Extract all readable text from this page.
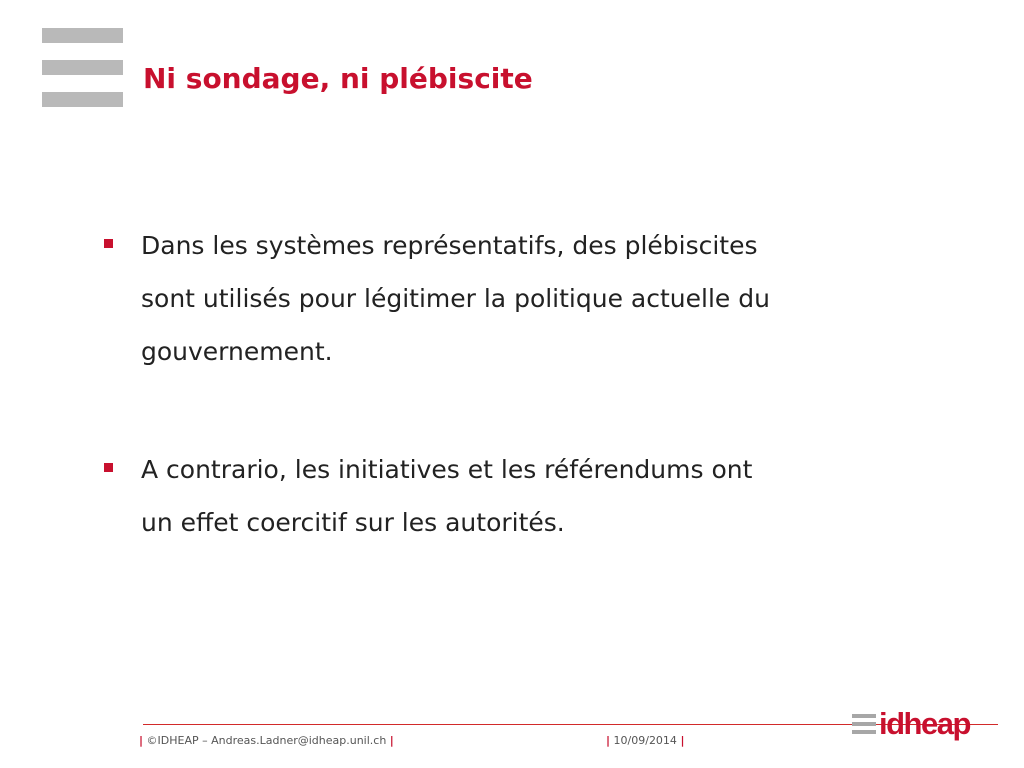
Ni sondage, ni plébiscite
Dans les systèmes représentatifs, des plébiscites
sont utilisés pour légitimer la politique actuelle du
gouvernement.
A contrario, les initiatives et les référendums ont
un effet coercitif sur les autorités.
| ©IDHEAP – Andreas.Ladner@idheap.unil.ch |	| 10/09/2014 |	idheap
